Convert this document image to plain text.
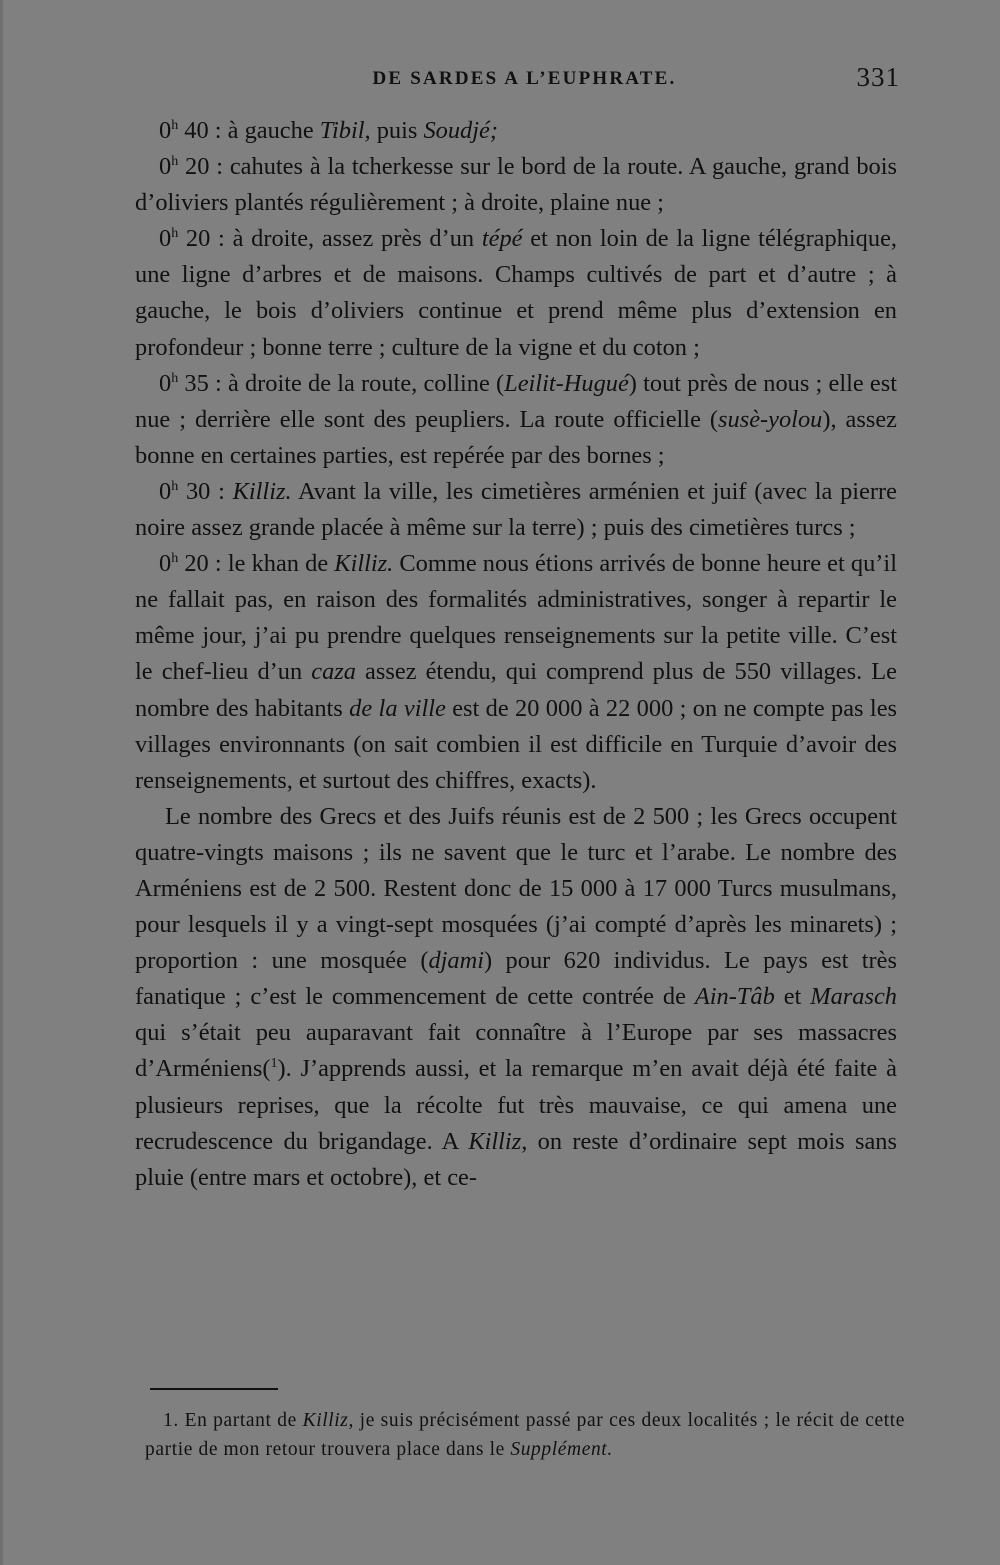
DE SARDES A L’EUPHRATE.	331

0$^h$ 40 : à gauche Tibil, puis Soudjé;

0$^h$ 20 : cahutes à la tcherkesse sur le bord de la route. A gauche, grand bois d’oliviers plantés régulièrement ; à droite, plaine nue ;

0$^h$ 20 : à droite, assez près d’un tépé et non loin de la ligne télégraphique, une ligne d’arbres et de maisons. Champs cultivés de part et d’autre ; à gauche, le bois d’oliviers continue et prend même plus d’extension en profondeur ; bonne terre ; culture de la vigne et du coton ;

0$^h$ 35 : à droite de la route, colline (Leilit-Hugué) tout près de nous ; elle est nue ; derrière elle sont des peupliers. La route officielle (susè-yolou), assez bonne en certaines parties, est repérée par des bornes ;

0$^h$ 30 : Killiz. Avant la ville, les cimetières arménien et juif (avec la pierre noire assez grande placée à même sur la terre) ; puis des cimetières turcs ;

0$^h$ 20 : le khan de Killiz. Comme nous étions arrivés de bonne heure et qu’il ne fallait pas, en raison des formalités administratives, songer à repartir le même jour, j’ai pu prendre quelques renseignements sur la petite ville. C’est le chef-lieu d’un caza assez étendu, qui comprend plus de 550 villages. Le nombre des habitants de la ville est de 20 000 à 22 000 ; on ne compte pas les villages environnants (on sait combien il est difficile en Turquie d’avoir des renseignements, et surtout des chiffres, exacts).

Le nombre des Grecs et des Juifs réunis est de 2 500 ; les Grecs occupent quatre-vingts maisons ; ils ne savent que le turc et l’arabe. Le nombre des Arméniens est de 2 500. Restent donc de 15 000 à 17 000 Turcs musulmans, pour lesquels il y a vingt-sept mosquées (j’ai compté d’après les minarets) ; proportion : une mosquée (djami) pour 620 individus. Le pays est très fanatique ; c’est le commencement de cette contrée de Ain-Tâb et Marasch qui s’était peu auparavant fait connaître à l’Europe par ses massacres d’Arméniens($^1$). J’apprends aussi, et la remarque m’en avait déjà été faite à plusieurs reprises, que la récolte fut très mauvaise, ce qui amena une recrudescence du brigandage. A Killiz, on reste d’ordinaire sept mois sans pluie (entre mars et octobre), et ce-

1. En partant de Killiz, je suis précisément passé par ces deux localités ; le récit de cette partie de mon retour trouvera place dans le Supplément.
